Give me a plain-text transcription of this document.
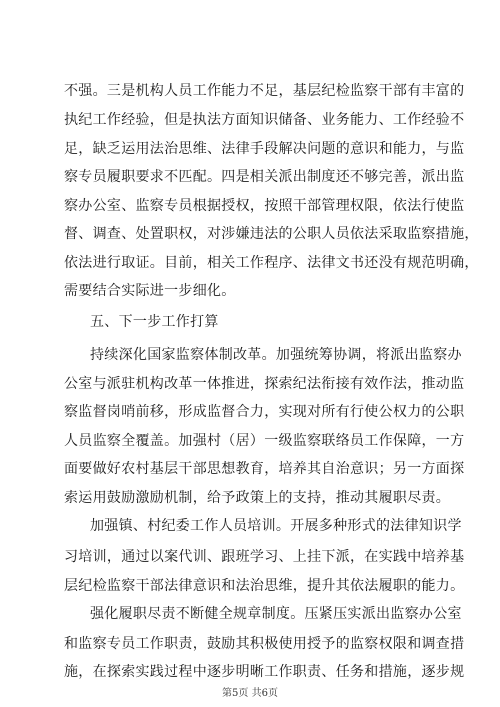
不强。三是机构人员工作能力不足，基层纪检监察干部有丰富的
执纪工作经验，但是执法方面知识储备、业务能力、工作经验不
足，缺乏运用法治思维、法律手段解决问题的意识和能力，与监
察专员履职要求不匹配。四是相关派出制度还不够完善，派出监
察办公室、监察专员根据授权，按照干部管理权限，依法行使监
督、调查、处置职权，对涉嫌违法的公职人员依法采取监察措施，
依法进行取证。目前，相关工作程序、法律文书还没有规范明确，
需要结合实际进一步细化。
五、下一步工作打算
持续深化国家监察体制改革。加强统筹协调，将派出监察办
公室与派驻机构改革一体推进，探索纪法衔接有效作法，推动监
察监督岗哨前移，形成监督合力，实现对所有行使公权力的公职
人员监察全覆盖。加强村（居）一级监察联络员工作保障，一方
面要做好农村基层干部思想教育，培养其自治意识；另一方面探
索运用鼓励激励机制，给予政策上的支持，推动其履职尽责。
加强镇、村纪委工作人员培训。开展多种形式的法律知识学
习培训，通过以案代训、跟班学习、上挂下派，在实践中培养基
层纪检监察干部法律意识和法治思维，提升其依法履职的能力。
强化履职尽责不断健全规章制度。压紧压实派出监察办公室
和监察专员工作职责，鼓励其积极使用授予的监察权限和调查措
施，在探索实践过程中逐步明晰工作职责、任务和措施，逐步规
第5页 共6页
